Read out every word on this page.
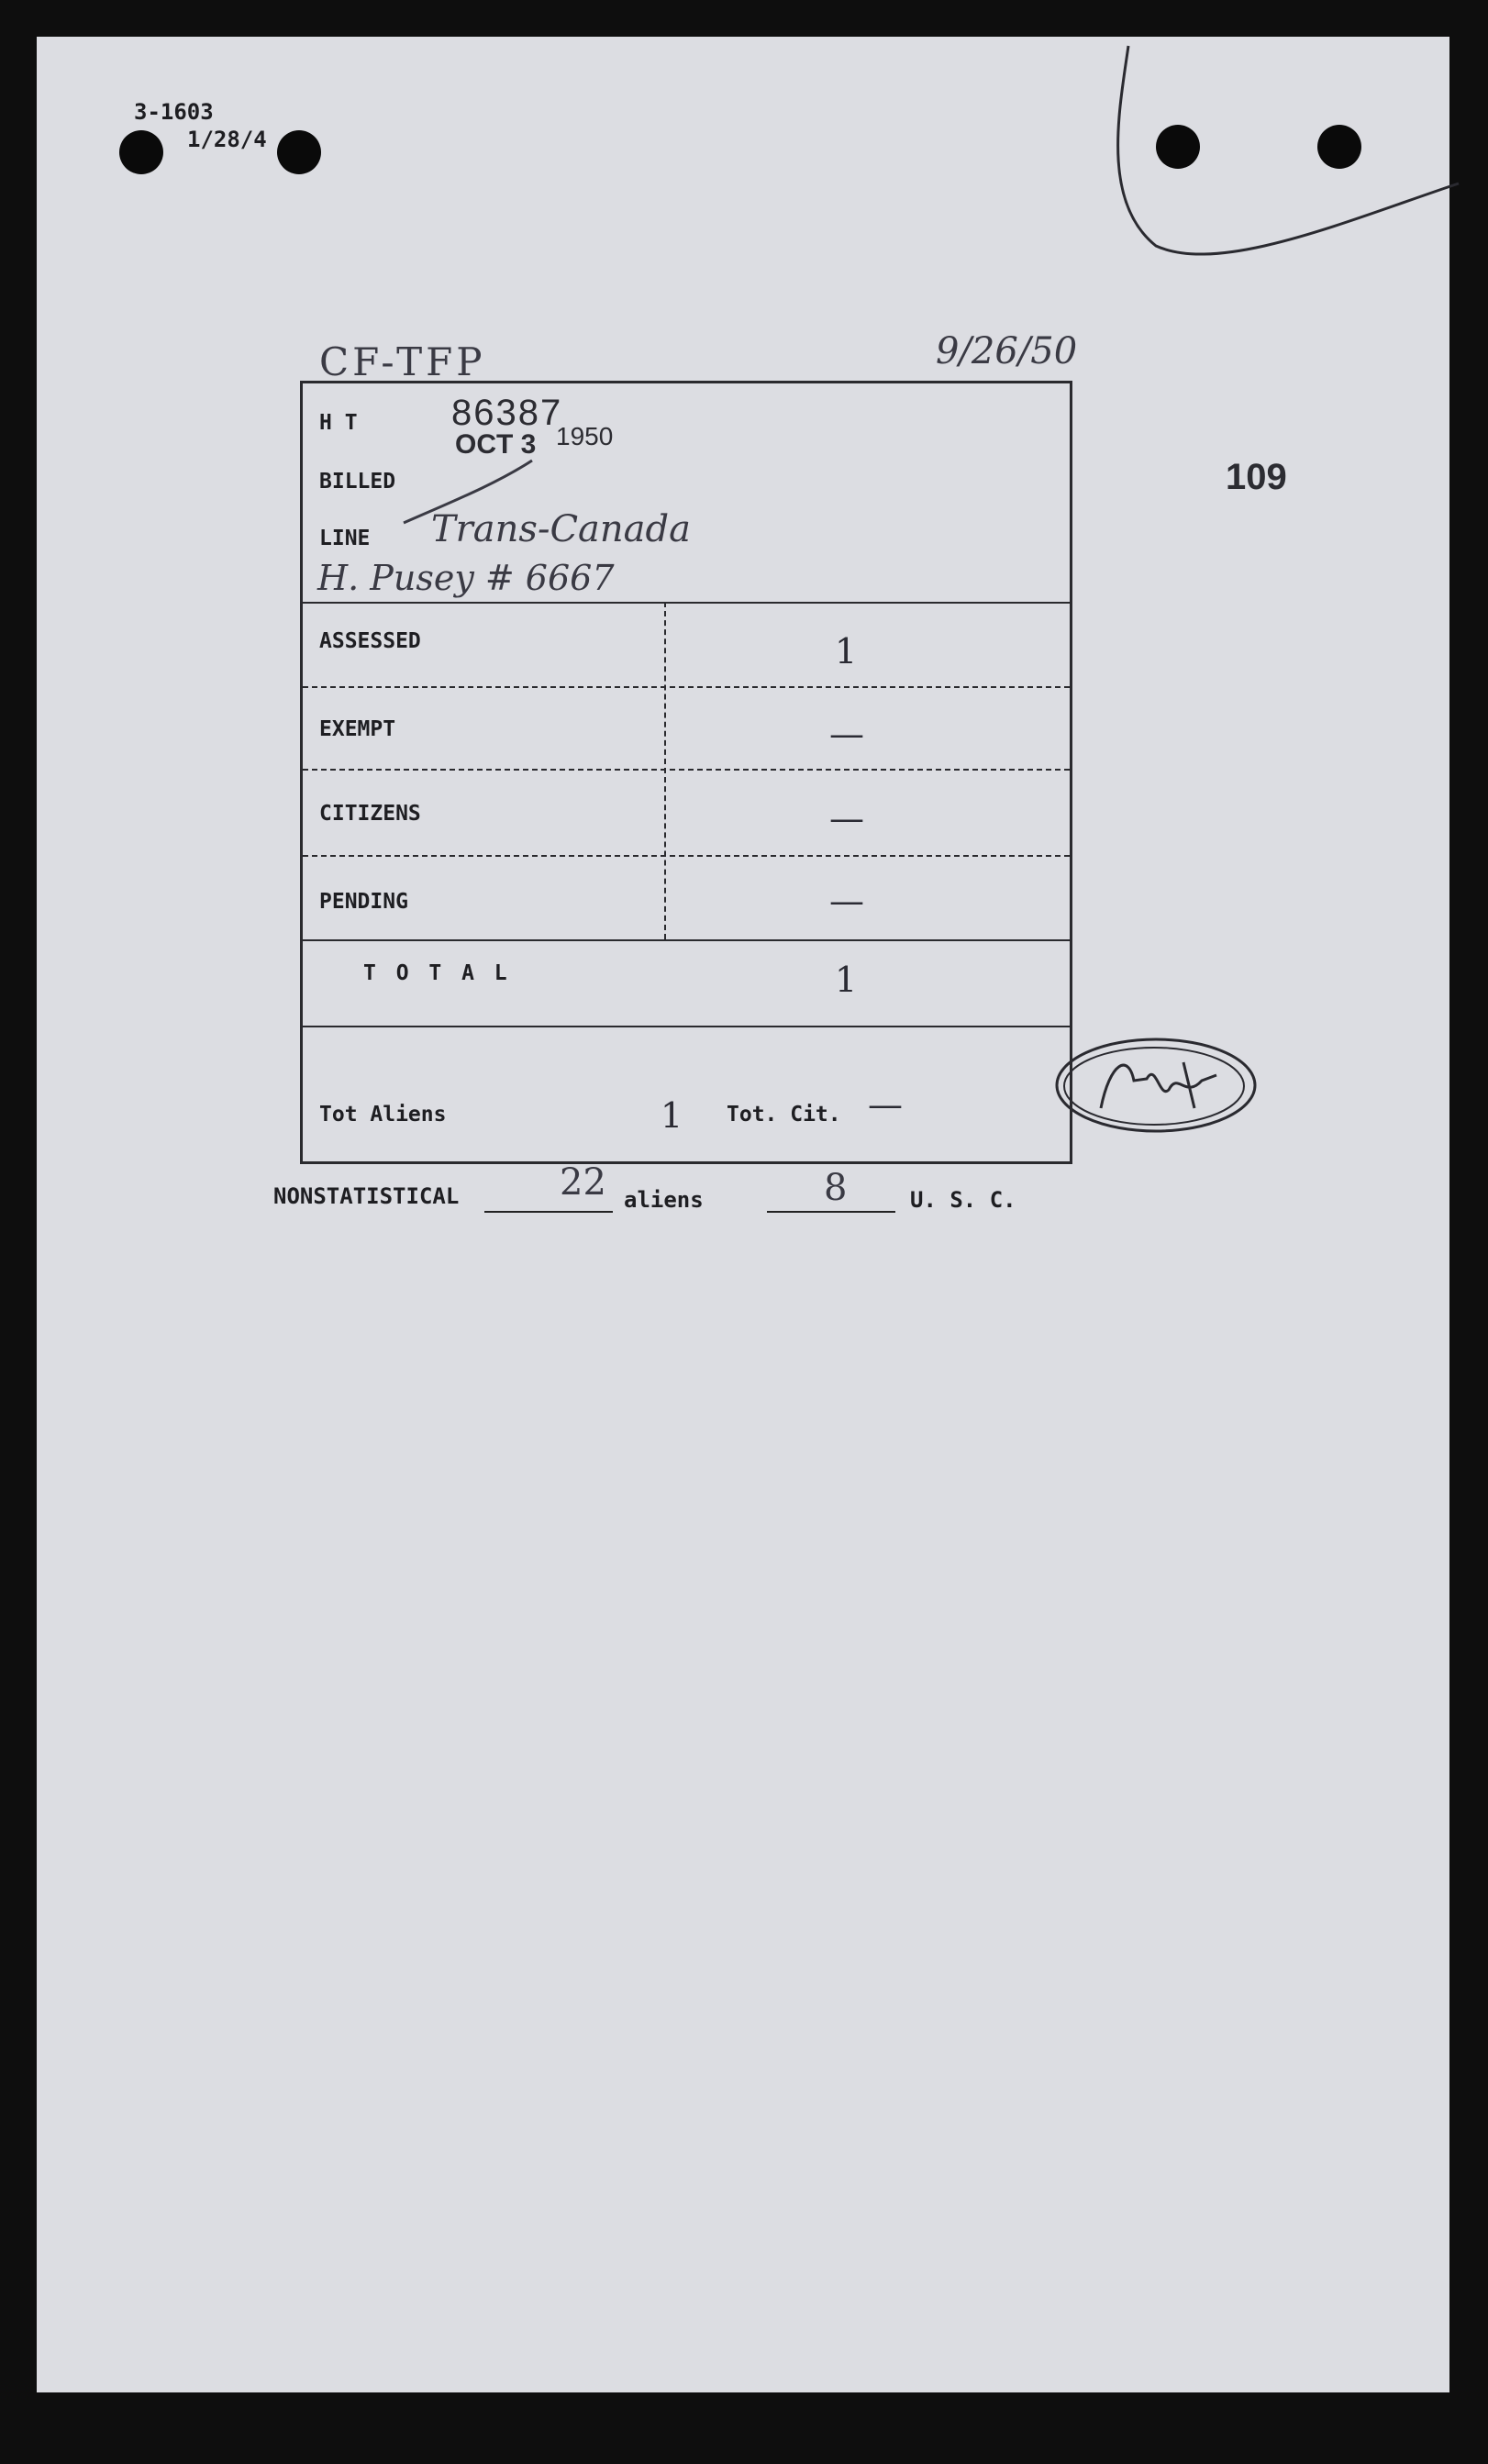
3-1603
1/28/4
CF-TFP	9/26/50
109
H T	86387
OCT 3 1950
BILLED
LINE Trans-Canada
H. Pusey # 6667
ASSESSED	1
EXEMPT	—
CITIZENS	—
PENDING	—
T O T A L	1
Tot Aliens	1 Tot. Cit. —
NONSTATISTICAL	22 aliens	8	U. S. C.
